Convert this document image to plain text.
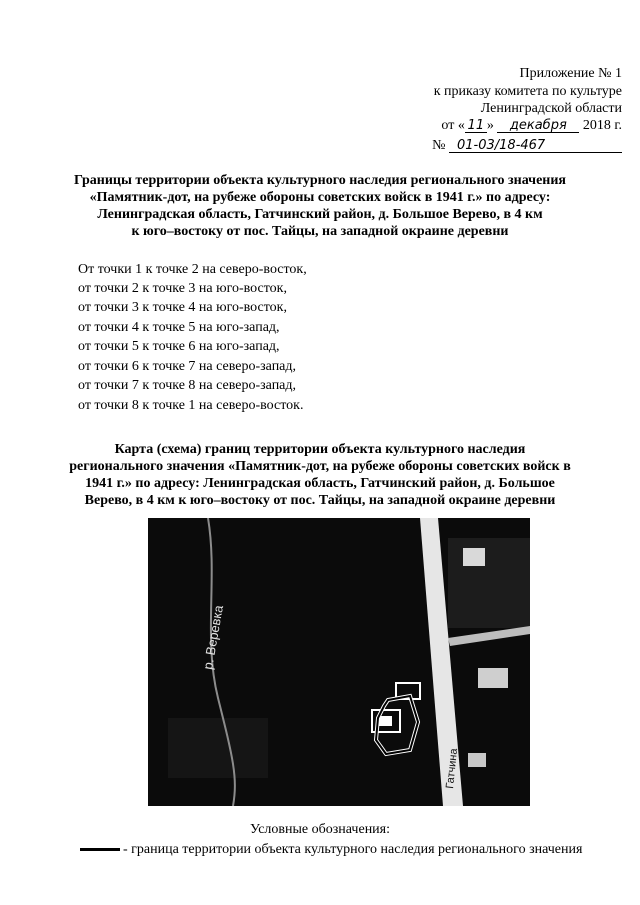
Приложение № 1
к приказу комитета по культуре
Ленинградской области
от « 11 » декабря 2018 г.
№ 01-03/18-467
Границы территории объекта культурного наследия регионального значения
«Памятник-дот, на рубеже обороны советских войск в 1941 г.» по адресу:
Ленинградская область, Гатчинский район, д. Большое Верево, в 4 км
к юго–востоку от пос. Тайцы, на западной окраине деревни
От точки 1 к точке 2 на северо-восток,
от точки 2 к точке 3 на юго-восток,
от точки 3 к точке 4 на юго-восток,
от точки 4 к точке 5 на юго-запад,
от точки 5 к точке 6 на юго-запад,
от точки 6 к точке 7 на северо-запад,
от точки 7 к точке 8 на северо-запад,
от точки 8 к точке 1 на северо-восток.
Карта (схема) границ территории объекта культурного наследия
регионального значения «Памятник-дот, на рубеже обороны советских войск в
1941 г.» по адресу: Ленинградская область, Гатчинский район, д. Большое
Верево, в 4 км к юго–востоку от пос. Тайцы, на западной окраине деревни
р. Веревка
Гатчина
Условные обозначения:
- граница территории объекта культурного наследия регионального значения
